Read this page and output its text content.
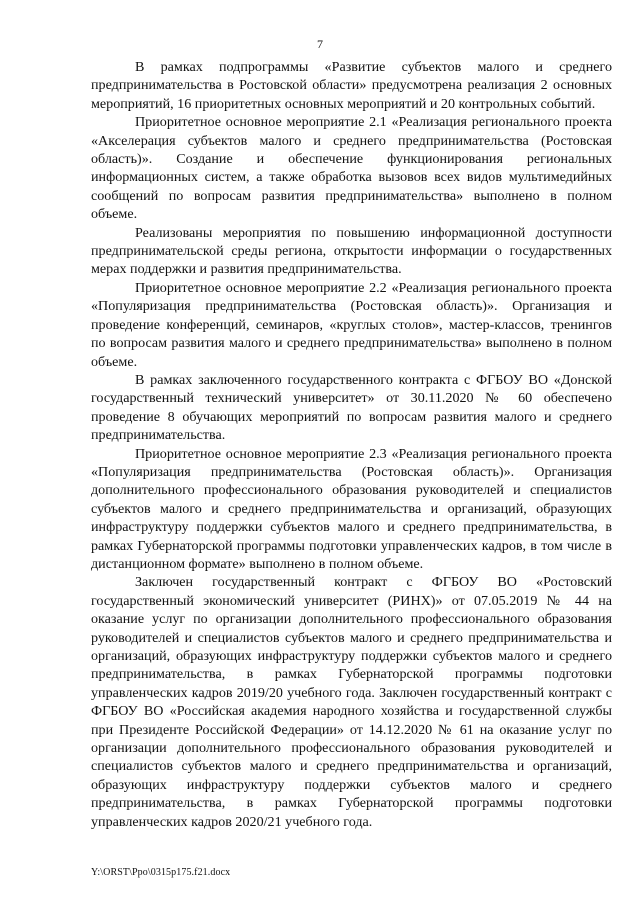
7

В рамках подпрограммы «Развитие субъектов малого и среднего предпринимательства в Ростовской области» предусмотрена реализация 2 основных мероприятий, 16 приоритетных основных мероприятий и 20 контрольных событий.

Приоритетное основное мероприятие 2.1 «Реализация регионального проекта «Акселерация субъектов малого и среднего предпринимательства (Ростовская область)». Создание и обеспечение функционирования региональных информационных систем, а также обработка вызовов всех видов мультимедийных сообщений по вопросам развития предпринимательства» выполнено в полном объеме.

Реализованы мероприятия по повышению информационной доступности предпринимательской среды региона, открытости информации о государственных мерах поддержки и развития предпринимательства.

Приоритетное основное мероприятие 2.2 «Реализация регионального проекта «Популяризация предпринимательства (Ростовская область)». Организация и проведение конференций, семинаров, «круглых столов», мастер-классов, тренингов по вопросам развития малого и среднего предпринимательства» выполнено в полном объеме.

В рамках заключенного государственного контракта с ФГБОУ ВО «Донской государственный технический университет» от 30.11.2020 № 60 обеспечено проведение 8 обучающих мероприятий по вопросам развития малого и среднего предпринимательства.

Приоритетное основное мероприятие 2.3 «Реализация регионального проекта «Популяризация предпринимательства (Ростовская область)». Организация дополнительного профессионального образования руководителей и специалистов субъектов малого и среднего предпринимательства и организаций, образующих инфраструктуру поддержки субъектов малого и среднего предпринимательства, в рамках Губернаторской программы подготовки управленческих кадров, в том числе в дистанционном формате» выполнено в полном объеме.

Заключен государственный контракт с ФГБОУ ВО «Ростовский государственный экономический университет (РИНХ)» от 07.05.2019 № 44 на оказание услуг по организации дополнительного профессионального образования руководителей и специалистов субъектов малого и среднего предпринимательства и организаций, образующих инфраструктуру поддержки субъектов малого и среднего предпринимательства, в рамках Губернаторской программы подготовки управленческих кадров 2019/20 учебного года. Заключен государственный контракт с ФГБОУ ВО «Российская академия народного хозяйства и государственной службы при Президенте Российской Федерации» от 14.12.2020 № 61 на оказание услуг по организации дополнительного профессионального образования руководителей и специалистов субъектов малого и среднего предпринимательства и организаций, образующих инфраструктуру поддержки субъектов малого и среднего предпринимательства, в рамках Губернаторской программы подготовки управленческих кадров 2020/21 учебного года.

Y:\ORST\Ppo\0315p175.f21.docx
